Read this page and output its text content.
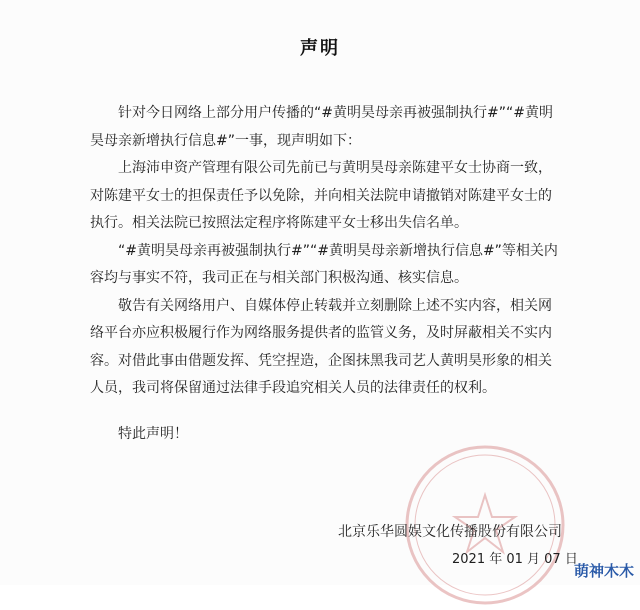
声明

针对今日网络上部分用户传播的“#黄明昊母亲再被强制执行#”“#黄明昊母亲新增执行信息#”一事，现声明如下：

上海沛申资产管理有限公司先前已与黄明昊母亲陈建平女士协商一致，对陈建平女士的担保责任予以免除，并向相关法院申请撤销对陈建平女士的执行。相关法院已按照法定程序将陈建平女士移出失信名单。

“#黄明昊母亲再被强制执行#”“#黄明昊母亲新增执行信息#”等相关内容均与事实不符，我司正在与相关部门积极沟通、核实信息。

敬告有关网络用户、自媒体停止转载并立刻删除上述不实内容，相关网络平台亦应积极履行作为网络服务提供者的监管义务，及时屏蔽相关不实内容。对借此事由借题发挥、凭空捏造，企图抹黑我司艺人黄明昊形象的相关人员，我司将保留通过法律手段追究相关人员的法律责任的权利。

特此声明！
北京乐华圆娱文化传播股份有限公司
2021 年 01 月 07 日
萌神木木
